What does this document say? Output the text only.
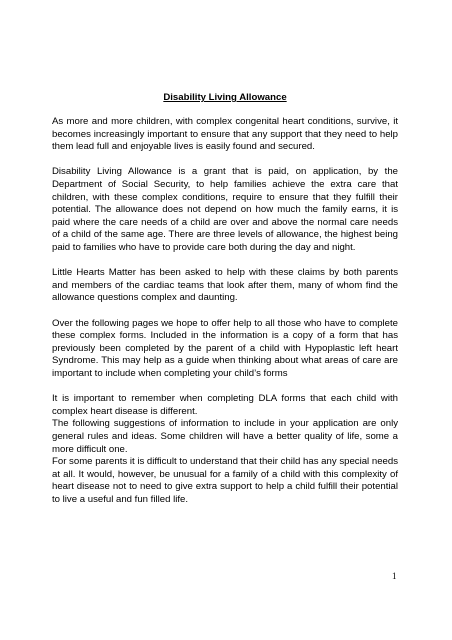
Disability Living Allowance

As more and more children, with complex congenital heart conditions, survive, it becomes increasingly important to ensure that any support that they need to help them lead full and enjoyable lives is easily found and secured.

Disability Living Allowance is a grant that is paid, on application, by the Department of Social Security, to help families achieve the extra care that children, with these complex conditions, require to ensure that they fulfill their potential. The allowance does not depend on how much the family earns, it is paid where the care needs of a child are over and above the normal care needs of a child of the same age. There are three levels of allowance, the highest being paid to families who have to provide care both during the day and night.

Little Hearts Matter has been asked to help with these claims by both parents and members of the cardiac teams that look after them, many of whom find the allowance questions complex and daunting.

Over the following pages we hope to offer help to all those who have to complete these complex forms. Included in the information is a copy of a form that has previously been completed by the parent of a child with Hypoplastic left heart Syndrome. This may help as a guide when thinking about what areas of care are important to include when completing your child’s forms

It is important to remember when completing DLA forms that each child with complex heart disease is different.

The following suggestions of information to include in your application are only general rules and ideas. Some children will have a better quality of life, some a more difficult one.

For some parents it is difficult to understand that their child has any special needs at all. It would, however, be unusual for a family of a child with this complexity of heart disease not to need to give extra support to help a child fulfill their potential to live a useful and fun filled life.

1
